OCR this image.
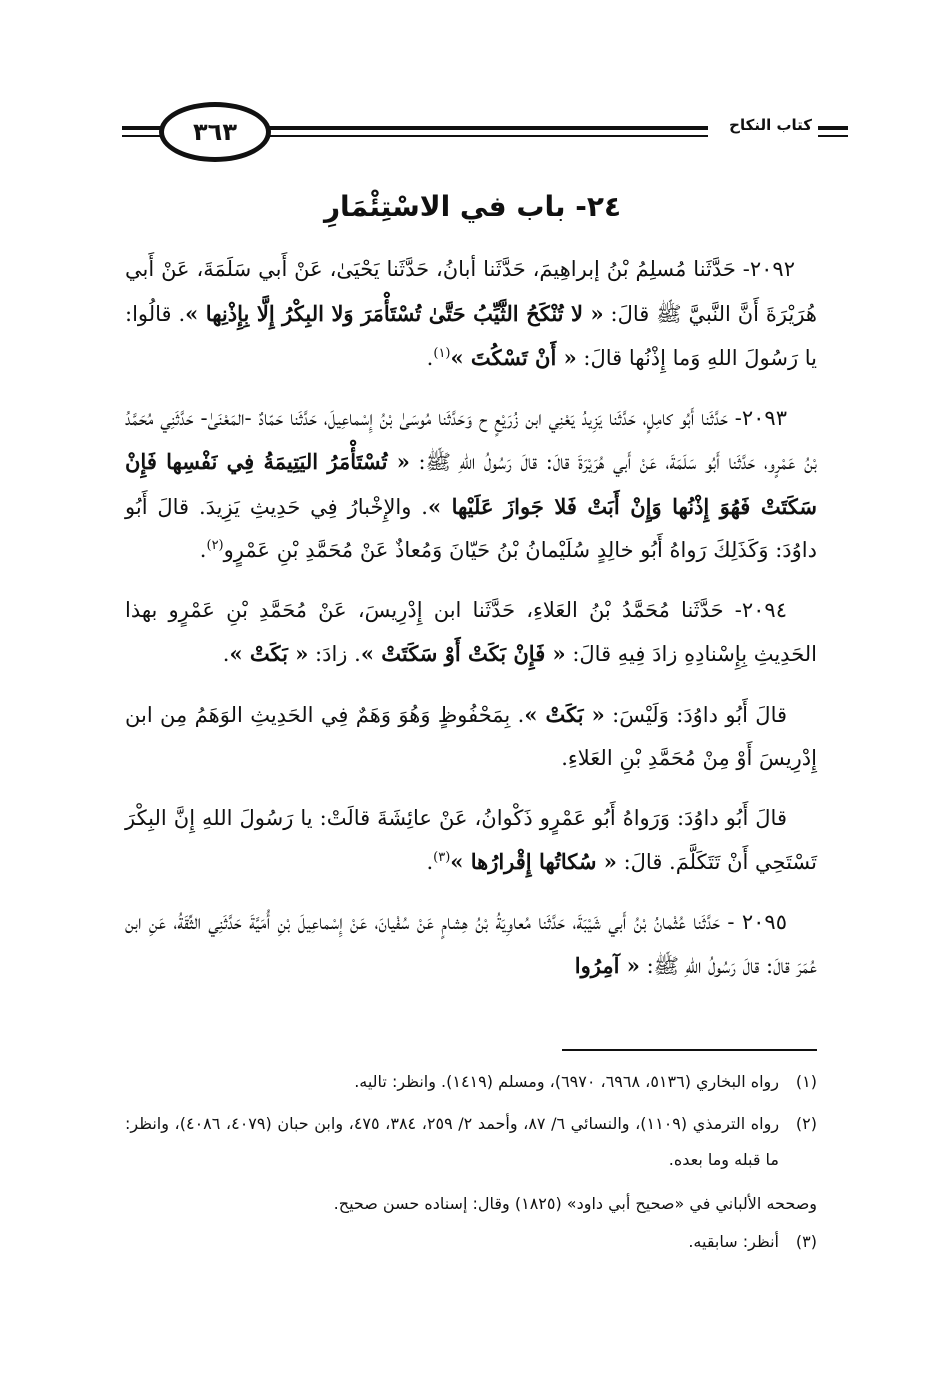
٣٦٣	كتاب النكاح
٢٤- باب في الاسْتِئْمَارِ

٢٠٩٢- حَدَّثَنا مُسلِمُ بْنُ إبراهِيمَ، حَدَّثَنا أبانُ، حَدَّثَنا يَحْيَىٰ، عَنْ أَبي سَلَمَةَ، عَنْ أَبي هُرَيْرَةَ أَنَّ النَّبيَّ ﷺ قالَ: « لا تُنْكَحُ الثَّيِّبُ حَتَّىٰ تُسْتَأْمَرَ وَلا البِكْرُ إِلَّا بِإِذْنِها ». قالُوا: يا رَسُولَ اللهِ وَما إِذْنُها قالَ: « أَنْ تَسْكُتَ »$^{(١)}$.

٢٠٩٣- حَدَّثَنا أَبُو كامِلٍ، حَدَّثَنا يَزِيدُ يَعْنِي ابن زُرَيْعٍ ح وَحَدَّثَنا مُوسَىٰ بْنُ إِسْماعِيلَ، حَدَّثَنا حَمّادٌ -المَعْنَىٰ- حَدَّثَنِي مُحَمَّدُ بْنُ عَمْرٍو، حَدَّثَنا أَبُو سَلَمَةَ، عَنْ أَبي هُرَيْرَةَ قالَ: قالَ رَسُولُ اللهِ ﷺ: « تُسْتَأْمَرُ اليَتِيمَةُ فِي نَفْسِها فَإِنْ سَكَتَتْ فَهُوَ إِذْنُها وَإِنْ أَبَتْ فَلا جَوازَ عَلَيْها ». والإِخْبارُ فِي حَدِيثِ يَزِيدَ. قالَ أَبُو داوُدَ: وَكَذَلِكَ رَواهُ أَبُو خالِدٍ سُلَيْمانُ بْنُ حَيّانَ وَمُعاذٌ عَنْ مُحَمَّدِ بْنِ عَمْرٍو$^{(٢)}$.

٢٠٩٤- حَدَّثَنا مُحَمَّدُ بْنُ العَلاءِ، حَدَّثَنا ابن إِدْرِيسَ، عَنْ مُحَمَّدِ بْنِ عَمْرٍو بهذا الحَدِيثِ بِإِسْنادِهِ زادَ فِيهِ قالَ: « فَإِنْ بَكَتْ أَوْ سَكَتَتْ ». زادَ: « بَكَتْ ».

قالَ أَبُو داوُدَ: وَلَيْسَ: « بَكَتْ ». بِمَحْفُوظٍ وَهُوَ وَهَمٌ فِي الحَدِيثِ الوَهَمُ مِن ابن إِدْرِيسَ أَوْ مِنْ مُحَمَّدِ بْنِ العَلاءِ.

قالَ أَبُو داوُدَ: وَرَواهُ أَبُو عَمْرٍو ذَكْوانُ، عَنْ عائِشَةَ قالَتْ: يا رَسُولَ اللهِ إِنَّ البِكْرَ تَسْتَحِي أَنْ تَتَكَلَّمَ. قالَ: « سُكاتُها إِقْرارُها »$^{(٣)}$.

٢٠٩٥ - حَدَّثَنا عُثْمانُ بْنُ أَبي شَيْبَةَ، حَدَّثَنا مُعاوِيَةُ بْنُ هِشامٍ عَنْ سُفْيانَ، عَنْ إِسْماعِيلَ بْنِ أُمَيَّةَ حَدَّثَنِي الثِّقَةُ، عَنِ ابن عُمَرَ قالَ: قالَ رَسُولُ اللهِ ﷺ: « آمِرُوا

(١)
رواه البخاري (٥١٣٦، ٦٩٦٨، ٦٩٧٠)، ومسلم (١٤١٩). وانظر: تاليه.
(٢)
رواه الترمذي (١١٠٩)، والنسائي ٦/ ٨٧، وأحمد ٢/ ٢٥٩، ٣٨٤، ٤٧٥، وابن حبان (٤٠٧٩، ٤٠٨٦)، وانظر: ما قبله وما بعده.

وصححه الألباني في «صحيح أبي داود» (١٨٢٥) وقال: إسناده حسن صحيح.

(٣)
أنظر: سابقيه.
